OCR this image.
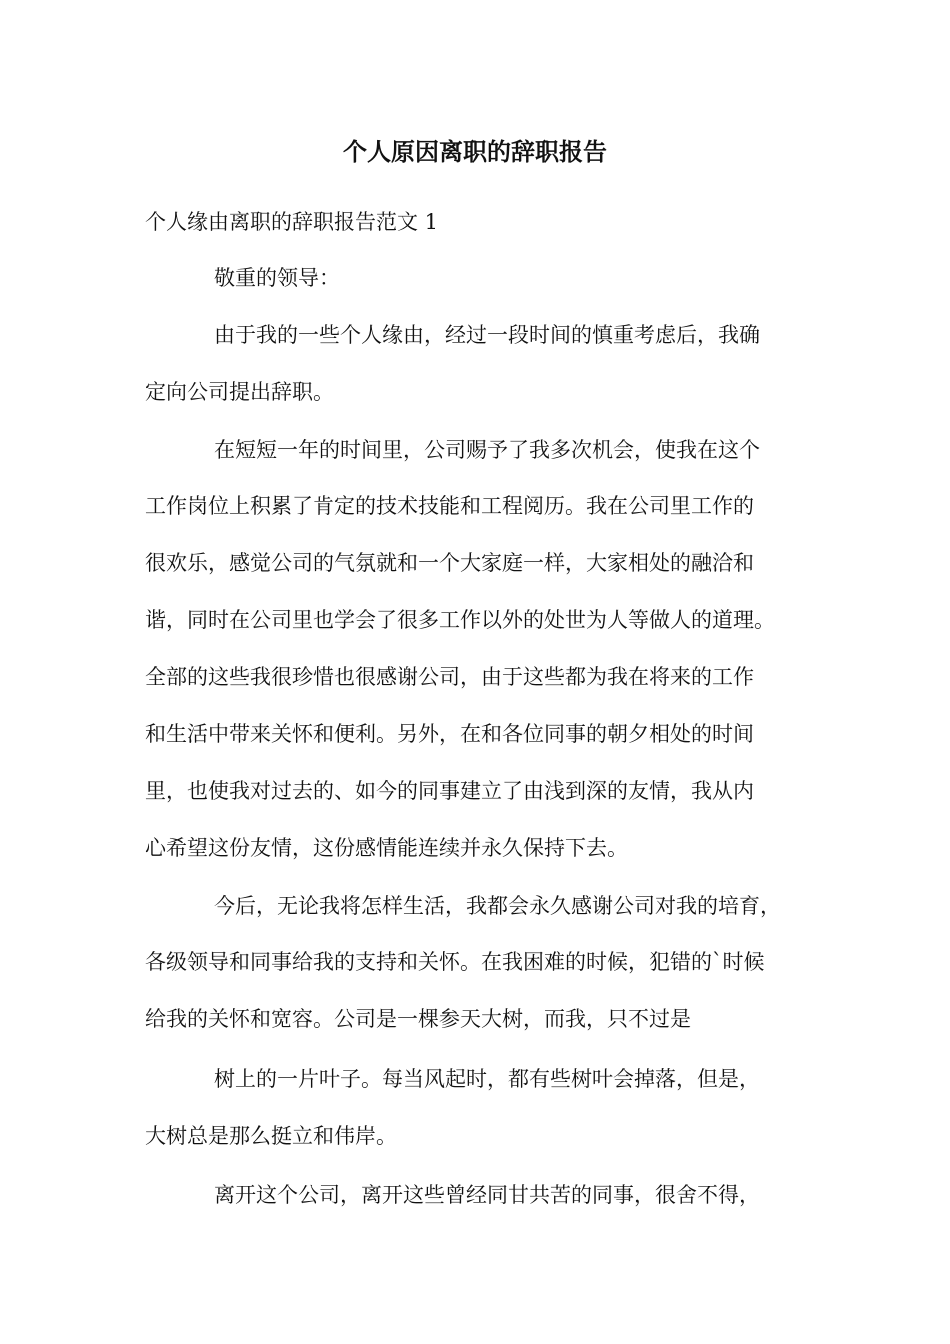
个人原因离职的辞职报告
个人缘由离职的辞职报告范文 1
敬重的领导：
由于我的一些个人缘由，经过一段时间的慎重考虑后，我确
定向公司提出辞职。
在短短一年的时间里，公司赐予了我多次机会，使我在这个
工作岗位上积累了肯定的技术技能和工程阅历。我在公司里工作的
很欢乐，感觉公司的气氛就和一个大家庭一样，大家相处的融洽和
谐，同时在公司里也学会了很多工作以外的处世为人等做人的道理。
全部的这些我很珍惜也很感谢公司，由于这些都为我在将来的工作
和生活中带来关怀和便利。另外，在和各位同事的朝夕相处的时间
里，也使我对过去的、如今的同事建立了由浅到深的友情，我从内
心希望这份友情，这份感情能连续并永久保持下去。
今后，无论我将怎样生活，我都会永久感谢公司对我的培育，
各级领导和同事给我的支持和关怀。在我困难的时候，犯错的`时候
给我的关怀和宽容。公司是一棵参天大树，而我，只不过是
树上的一片叶子。每当风起时，都有些树叶会掉落，但是，
大树总是那么挺立和伟岸。
离开这个公司，离开这些曾经同甘共苦的同事，很舍不得，
